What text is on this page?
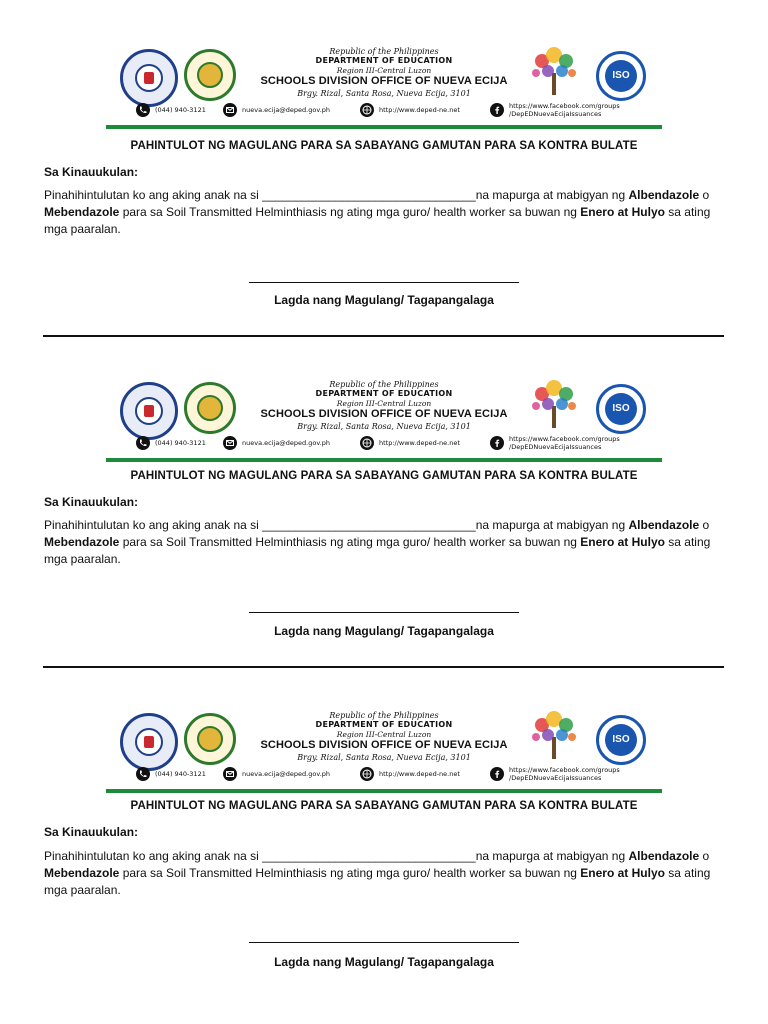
Republic of the Philippines
DEPARTMENT OF EDUCATION
Region III-Central Luzon
SCHOOLS DIVISION OFFICE OF NUEVA ECIJA
Brgy. Rizal, Santa Rosa, Nueva Ecija, 3101
(044) 940-3121	nueva.ecija@deped.gov.ph	http://www.deped-ne.net	https://www.facebook.com/groups
/DepEDNuevaEcijaIssuances
ISO
PAHINTULOT NG MAGULANG PARA SA SABAYANG GAMUTAN PARA SA KONTRA BULATE
Sa Kinauukulan:
Pinahihintulutan ko ang aking anak na si ________________________________na mapurga at mabigyan ng Albendazole o Mebendazole para sa Soil Transmitted Helminthiasis ng ating mga guro/ health worker sa buwan ng Enero at Hulyo sa ating mga paaralan.
Lagda nang Magulang/ Tagapangalaga
Republic of the Philippines
DEPARTMENT OF EDUCATION
Region III-Central Luzon
SCHOOLS DIVISION OFFICE OF NUEVA ECIJA
Brgy. Rizal, Santa Rosa, Nueva Ecija, 3101
(044) 940-3121	nueva.ecija@deped.gov.ph	http://www.deped-ne.net	https://www.facebook.com/groups
/DepEDNuevaEcijaIssuances
ISO
PAHINTULOT NG MAGULANG PARA SA SABAYANG GAMUTAN PARA SA KONTRA BULATE
Sa Kinauukulan:
Pinahihintulutan ko ang aking anak na si ________________________________na mapurga at mabigyan ng Albendazole o Mebendazole para sa Soil Transmitted Helminthiasis ng ating mga guro/ health worker sa buwan ng Enero at Hulyo sa ating mga paaralan.
Lagda nang Magulang/ Tagapangalaga
Republic of the Philippines
DEPARTMENT OF EDUCATION
Region III-Central Luzon
SCHOOLS DIVISION OFFICE OF NUEVA ECIJA
Brgy. Rizal, Santa Rosa, Nueva Ecija, 3101
(044) 940-3121	nueva.ecija@deped.gov.ph	http://www.deped-ne.net	https://www.facebook.com/groups
/DepEDNuevaEcijaIssuances
ISO
PAHINTULOT NG MAGULANG PARA SA SABAYANG GAMUTAN PARA SA KONTRA BULATE
Sa Kinauukulan:
Pinahihintulutan ko ang aking anak na si ________________________________na mapurga at mabigyan ng Albendazole o Mebendazole para sa Soil Transmitted Helminthiasis ng ating mga guro/ health worker sa buwan ng Enero at Hulyo sa ating mga paaralan.
Lagda nang Magulang/ Tagapangalaga
